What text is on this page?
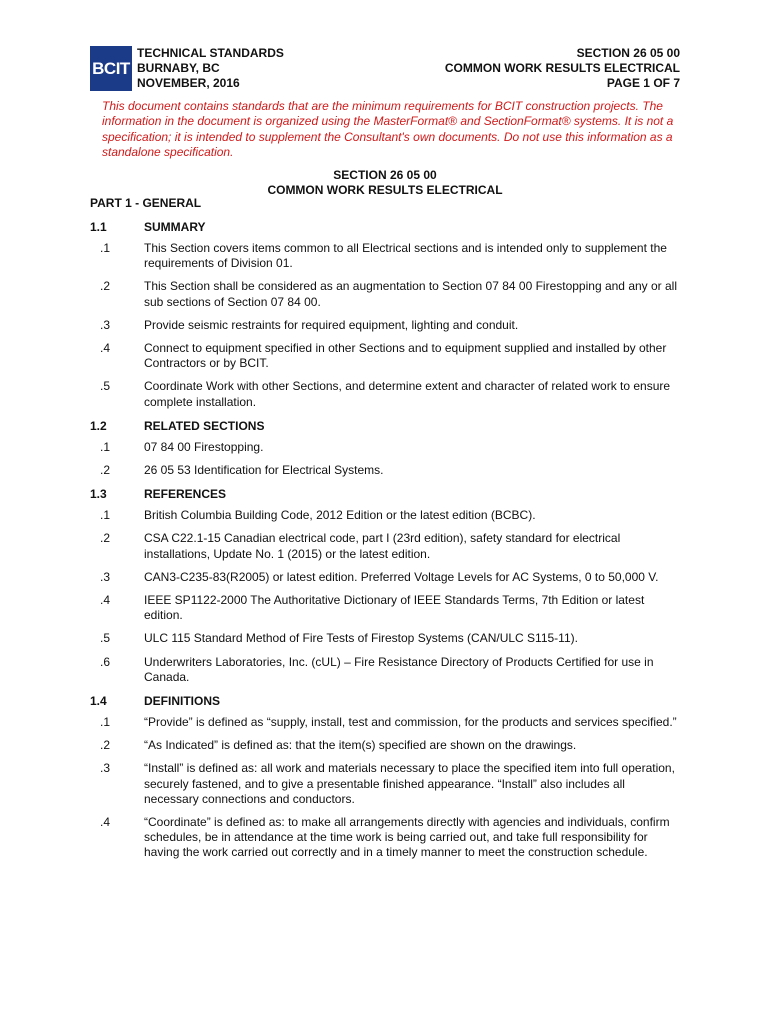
BCIT
TECHNICAL STANDARDS
BURNABY, BC
NOVEMBER, 2016
SECTION 26 05 00
COMMON WORK RESULTS ELECTRICAL
PAGE 1 OF 7
This document contains standards that are the minimum requirements for BCIT construction projects. The information in the document is organized using the MasterFormat® and SectionFormat® systems. It is not a specification; it is intended to supplement the Consultant's own documents. Do not use this information as a standalone specification.
SECTION 26 05 00
COMMON WORK RESULTS ELECTRICAL
PART 1 - GENERAL
1.1	SUMMARY
.1	This Section covers items common to all Electrical sections and is intended only to supplement the requirements of Division 01.
.2	This Section shall be considered as an augmentation to Section 07 84 00 Firestopping and any or all sub sections of Section 07 84 00.
.3	Provide seismic restraints for required equipment, lighting and conduit.
.4	Connect to equipment specified in other Sections and to equipment supplied and installed by other Contractors or by BCIT.
.5	Coordinate Work with other Sections, and determine extent and character of related work to ensure complete installation.
1.2	RELATED SECTIONS
.1	07 84 00 Firestopping.
.2	26 05 53 Identification for Electrical Systems.
1.3	REFERENCES
.1	British Columbia Building Code, 2012 Edition or the latest edition (BCBC).
.2	CSA C22.1-15 Canadian electrical code, part I (23rd edition), safety standard for electrical installations, Update No. 1 (2015) or the latest edition.
.3	CAN3-C235-83(R2005) or latest edition. Preferred Voltage Levels for AC Systems, 0 to 50,000 V.
.4	IEEE SP1122-2000 The Authoritative Dictionary of IEEE Standards Terms, 7th Edition or latest edition.
.5	ULC 115 Standard Method of Fire Tests of Firestop Systems (CAN/ULC S115-11).
.6	Underwriters Laboratories, Inc. (cUL) – Fire Resistance Directory of Products Certified for use in Canada.
1.4	DEFINITIONS
.1	“Provide” is defined as “supply, install, test and commission, for the products and services specified.”
.2	“As Indicated” is defined as: that the item(s) specified are shown on the drawings.
.3	“Install” is defined as: all work and materials necessary to place the specified item into full operation, securely fastened, and to give a presentable finished appearance. “Install” also includes all necessary connections and conductors.
.4	“Coordinate” is defined as: to make all arrangements directly with agencies and individuals, confirm schedules, be in attendance at the time work is being carried out, and take full responsibility for having the work carried out correctly and in a timely manner to meet the construction schedule.
